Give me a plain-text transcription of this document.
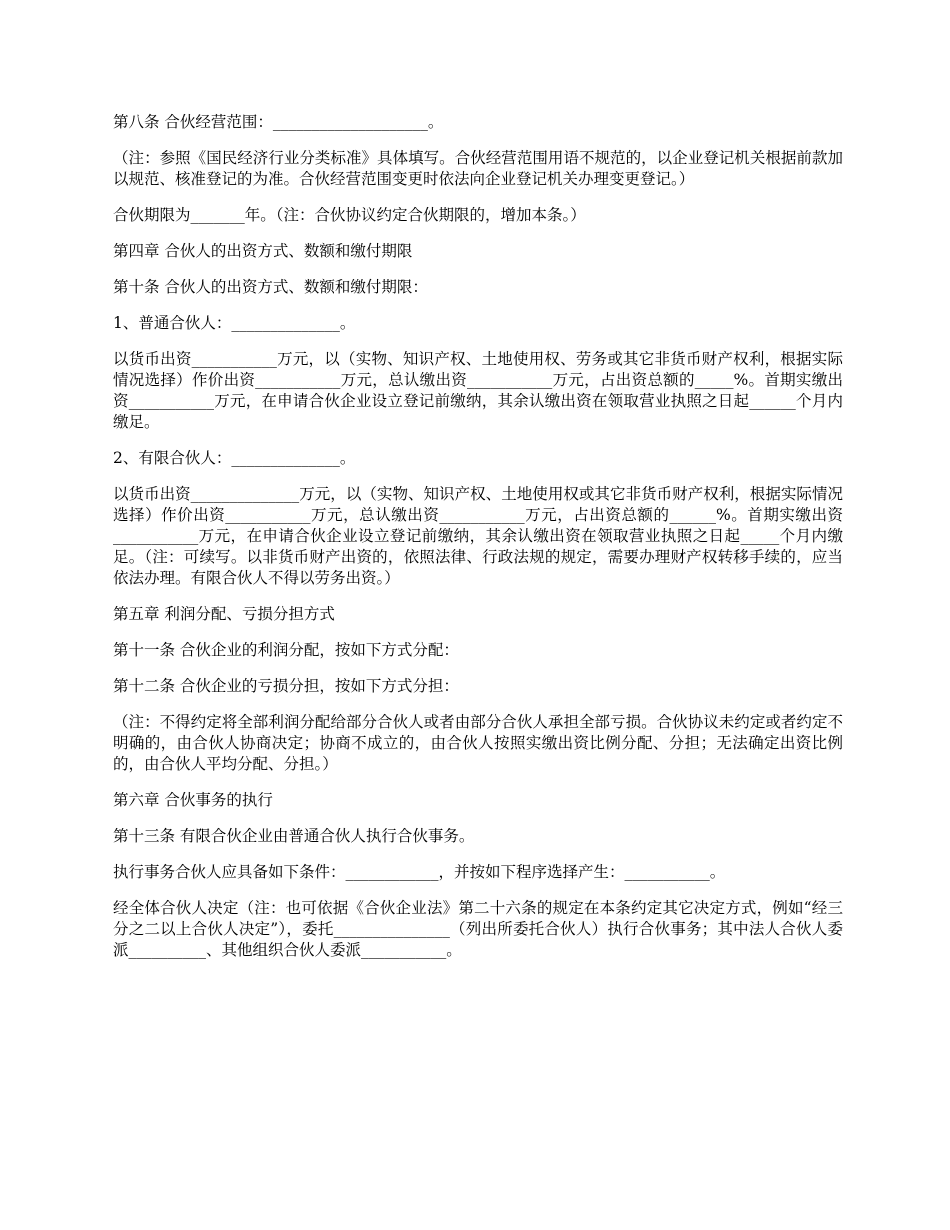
第八条 合伙经营范围：____________________。

（注：参照《国民经济行业分类标准》具体填写。合伙经营范围用语不规范的，以企业登记机关根据前款加以规范、核准登记的为准。合伙经营范围变更时依法向企业登记机关办理变更登记。）

合伙期限为_______年。（注：合伙协议约定合伙期限的，增加本条。）

第四章 合伙人的出资方式、数额和缴付期限

第十条 合伙人的出资方式、数额和缴付期限：

1、普通合伙人：______________。

以货币出资___________万元，以（实物、知识产权、土地使用权、劳务或其它非货币财产权利，根据实际情况选择）作价出资___________万元，总认缴出资___________万元，占出资总额的_____%。首期实缴出资___________万元，在申请合伙企业设立登记前缴纳，其余认缴出资在领取营业执照之日起______个月内缴足。

2、有限合伙人：______________。

以货币出资______________万元，以（实物、知识产权、土地使用权或其它非货币财产权利，根据实际情况选择）作价出资___________万元，总认缴出资___________万元，占出资总额的______%。首期实缴出资___________万元，在申请合伙企业设立登记前缴纳，其余认缴出资在领取营业执照之日起_____个月内缴足。（注：可续写。以非货币财产出资的，依照法律、行政法规的规定，需要办理财产权转移手续的，应当依法办理。有限合伙人不得以劳务出资。）

第五章 利润分配、亏损分担方式

第十一条 合伙企业的利润分配，按如下方式分配：

第十二条 合伙企业的亏损分担，按如下方式分担：

（注：不得约定将全部利润分配给部分合伙人或者由部分合伙人承担全部亏损。合伙协议未约定或者约定不明确的，由合伙人协商决定；协商不成立的，由合伙人按照实缴出资比例分配、分担；无法确定出资比例的，由合伙人平均分配、分担。）

第六章 合伙事务的执行

第十三条 有限合伙企业由普通合伙人执行合伙事务。

执行事务合伙人应具备如下条件：____________，并按如下程序选择产生：___________。

经全体合伙人决定（注：也可依据《合伙企业法》第二十六条的规定在本条约定其它决定方式，例如“经三分之二以上合伙人决定”），委托_______________（列出所委托合伙人）执行合伙事务；其中法人合伙人委派__________、其他组织合伙人委派___________。
